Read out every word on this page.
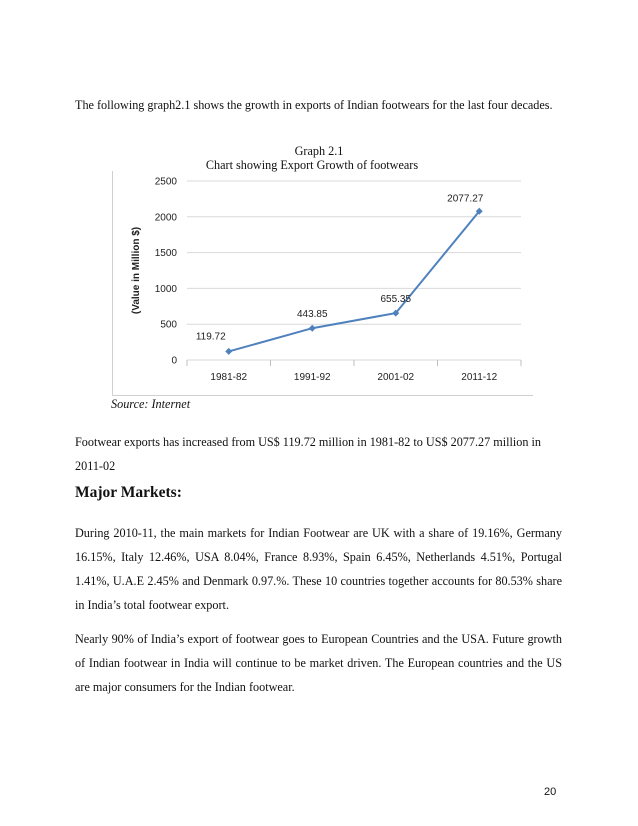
The following graph2.1 shows the growth in exports of Indian footwears for the last four decades.

Graph 2.1
Chart showing Export Growth of footwears
0
500
1000
1500
2000
2500
1981-82	1991-92	2001-02	2011-12
(Value in Million $)
119.72
443.85
655.35
2077.27
Source: Internet

Footwear exports has increased from US$ 119.72 million in 1981-82 to US$ 2077.27 million in 2011-02

Major Markets:

During 2010-11, the main markets for Indian Footwear are UK with a share of 19.16%, Germany 16.15%, Italy 12.46%, USA 8.04%, France 8.93%, Spain 6.45%, Netherlands 4.51%, Portugal 1.41%, U.A.E 2.45% and Denmark 0.97.%. These 10 countries together accounts for 80.53% share in India’s total footwear export.

Nearly 90% of India’s export of footwear goes to European Countries and the USA. Future growth of Indian footwear in India will continue to be market driven. The European countries and the US are major consumers for the Indian footwear.

20
